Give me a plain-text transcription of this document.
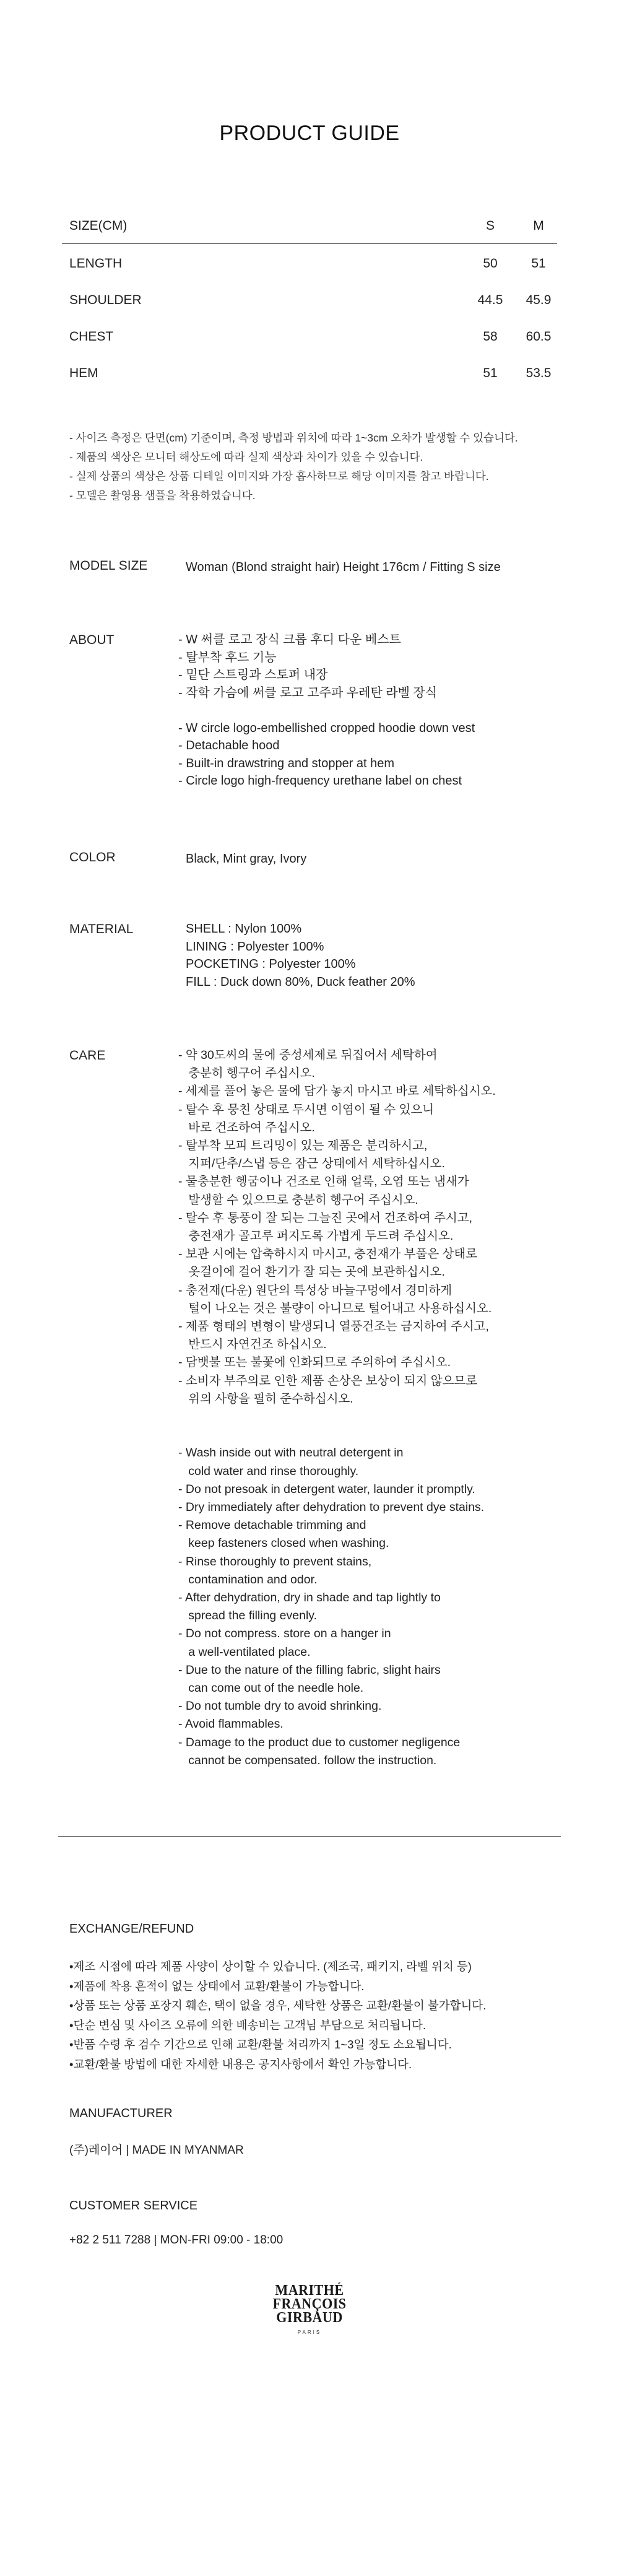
PRODUCT GUIDE
SIZE(CM)	S	M
LENGTH	50	51
SHOULDER	44.5	45.9
CHEST	58	60.5
HEM	51	53.5
- 사이즈 측정은 단면(cm) 기준이며, 측정 방법과 위치에 따라 1~3cm 오차가 발생할 수 있습니다.
- 제품의 색상은 모니터 해상도에 따라 실제 색상과 차이가 있을 수 있습니다.
- 실제 상품의 색상은 상품 디테일 이미지와 가장 흡사하므로 해당 이미지를 참고 바랍니다.
- 모델은 촬영용 샘플을 착용하였습니다.
MODEL SIZE	Woman (Blond straight hair) Height 176cm / Fitting S size
ABOUT	- W 써클 로고 장식 크롭 후디 다운 베스트
- 탈부착 후드 기능
- 밑단 스트링과 스토퍼 내장
- 작학 가슴에 써클 로고 고주파 우레탄 라벨 장식
- W circle logo-embellished cropped hoodie down vest
- Detachable hood
- Built-in drawstring and stopper at hem
- Circle logo high-frequency urethane label on chest
COLOR	Black, Mint gray, Ivory
MATERIAL	SHELL : Nylon 100%
LINING : Polyester 100%
POCKETING : Polyester 100%
FILL : Duck down 80%, Duck feather 20%
CARE	- 약 30도씨의 물에 중성세제로 뒤집어서 세탁하여
충분히 헹구어 주십시오.
- 세제를 풀어 놓은 물에 담가 놓지 마시고 바로 세탁하십시오.
- 탈수 후 뭉친 상태로 두시면 이염이 될 수 있으니
바로 건조하여 주십시오.
- 탈부착 모피 트리밍이 있는 제품은 분리하시고,
지퍼/단추/스냅 등은 잠근 상태에서 세탁하십시오.
- 물충분한 헹굼이나 건조로 인해 얼룩, 오염 또는 냄새가
발생할 수 있으므로 충분히 헹구어 주십시오.
- 탈수 후 통풍이 잘 되는 그늘진 곳에서 건조하여 주시고,
충전재가 골고루 퍼지도록 가볍게 두드려 주십시오.
- 보관 시에는 압축하시지 마시고, 충전재가 부풀은 상태로
옷걸이에 걸어 환기가 잘 되는 곳에 보관하십시오.
- 충전재(다운) 원단의 특성상 바늘구멍에서 경미하게
털이 나오는 것은 불량이 아니므로 털어내고 사용하십시오.
- 제품 형태의 변형이 발생되니 열풍건조는 금지하여 주시고,
반드시 자연건조 하십시오.
- 담뱃불 또는 불꽃에 인화되므로 주의하여 주십시오.
- 소비자 부주의로 인한 제품 손상은 보상이 되지 않으므로
위의 사항을 필히 준수하십시오.
- Wash inside out with neutral detergent in
cold water and rinse thoroughly.
- Do not presoak in detergent water, launder it promptly.
- Dry immediately after dehydration to prevent dye stains.
- Remove detachable trimming and
keep fasteners closed when washing.
- Rinse thoroughly to prevent stains,
contamination and odor.
- After dehydration, dry in shade and tap lightly to
spread the filling evenly.
- Do not compress. store on a hanger in
a well-ventilated place.
- Due to the nature of the filling fabric, slight hairs
can come out of the needle hole.
- Do not tumble dry to avoid shrinking.
- Avoid flammables.
- Damage to the product due to customer negligence
cannot be compensated. follow the instruction.
EXCHANGE/REFUND
•제조 시점에 따라 제품 사양이 상이할 수 있습니다. (제조국, 패키지, 라벨 위치 등)
•제품에 착용 흔적이 없는 상태에서 교환/환불이 가능합니다.
•상품 또는 상품 포장지 훼손, 택이 없을 경우, 세탁한 상품은 교환/환불이 불가합니다.
•단순 변심 및 사이즈 오류에 의한 배송비는 고객님 부담으로 처리됩니다.
•반품 수령 후 검수 기간으로 인해 교환/환불 처리까지 1~3일 정도 소요됩니다.
•교환/환불 방법에 대한 자세한 내용은 공지사항에서 확인 가능합니다.
MANUFACTURER
(주)레이어 | MADE IN MYANMAR
CUSTOMER SERVICE
+82 2 511 7288 | MON-FRI 09:00 - 18:00
MARITHÉ
FRANÇOIS
GIRBAUD
PARIS
